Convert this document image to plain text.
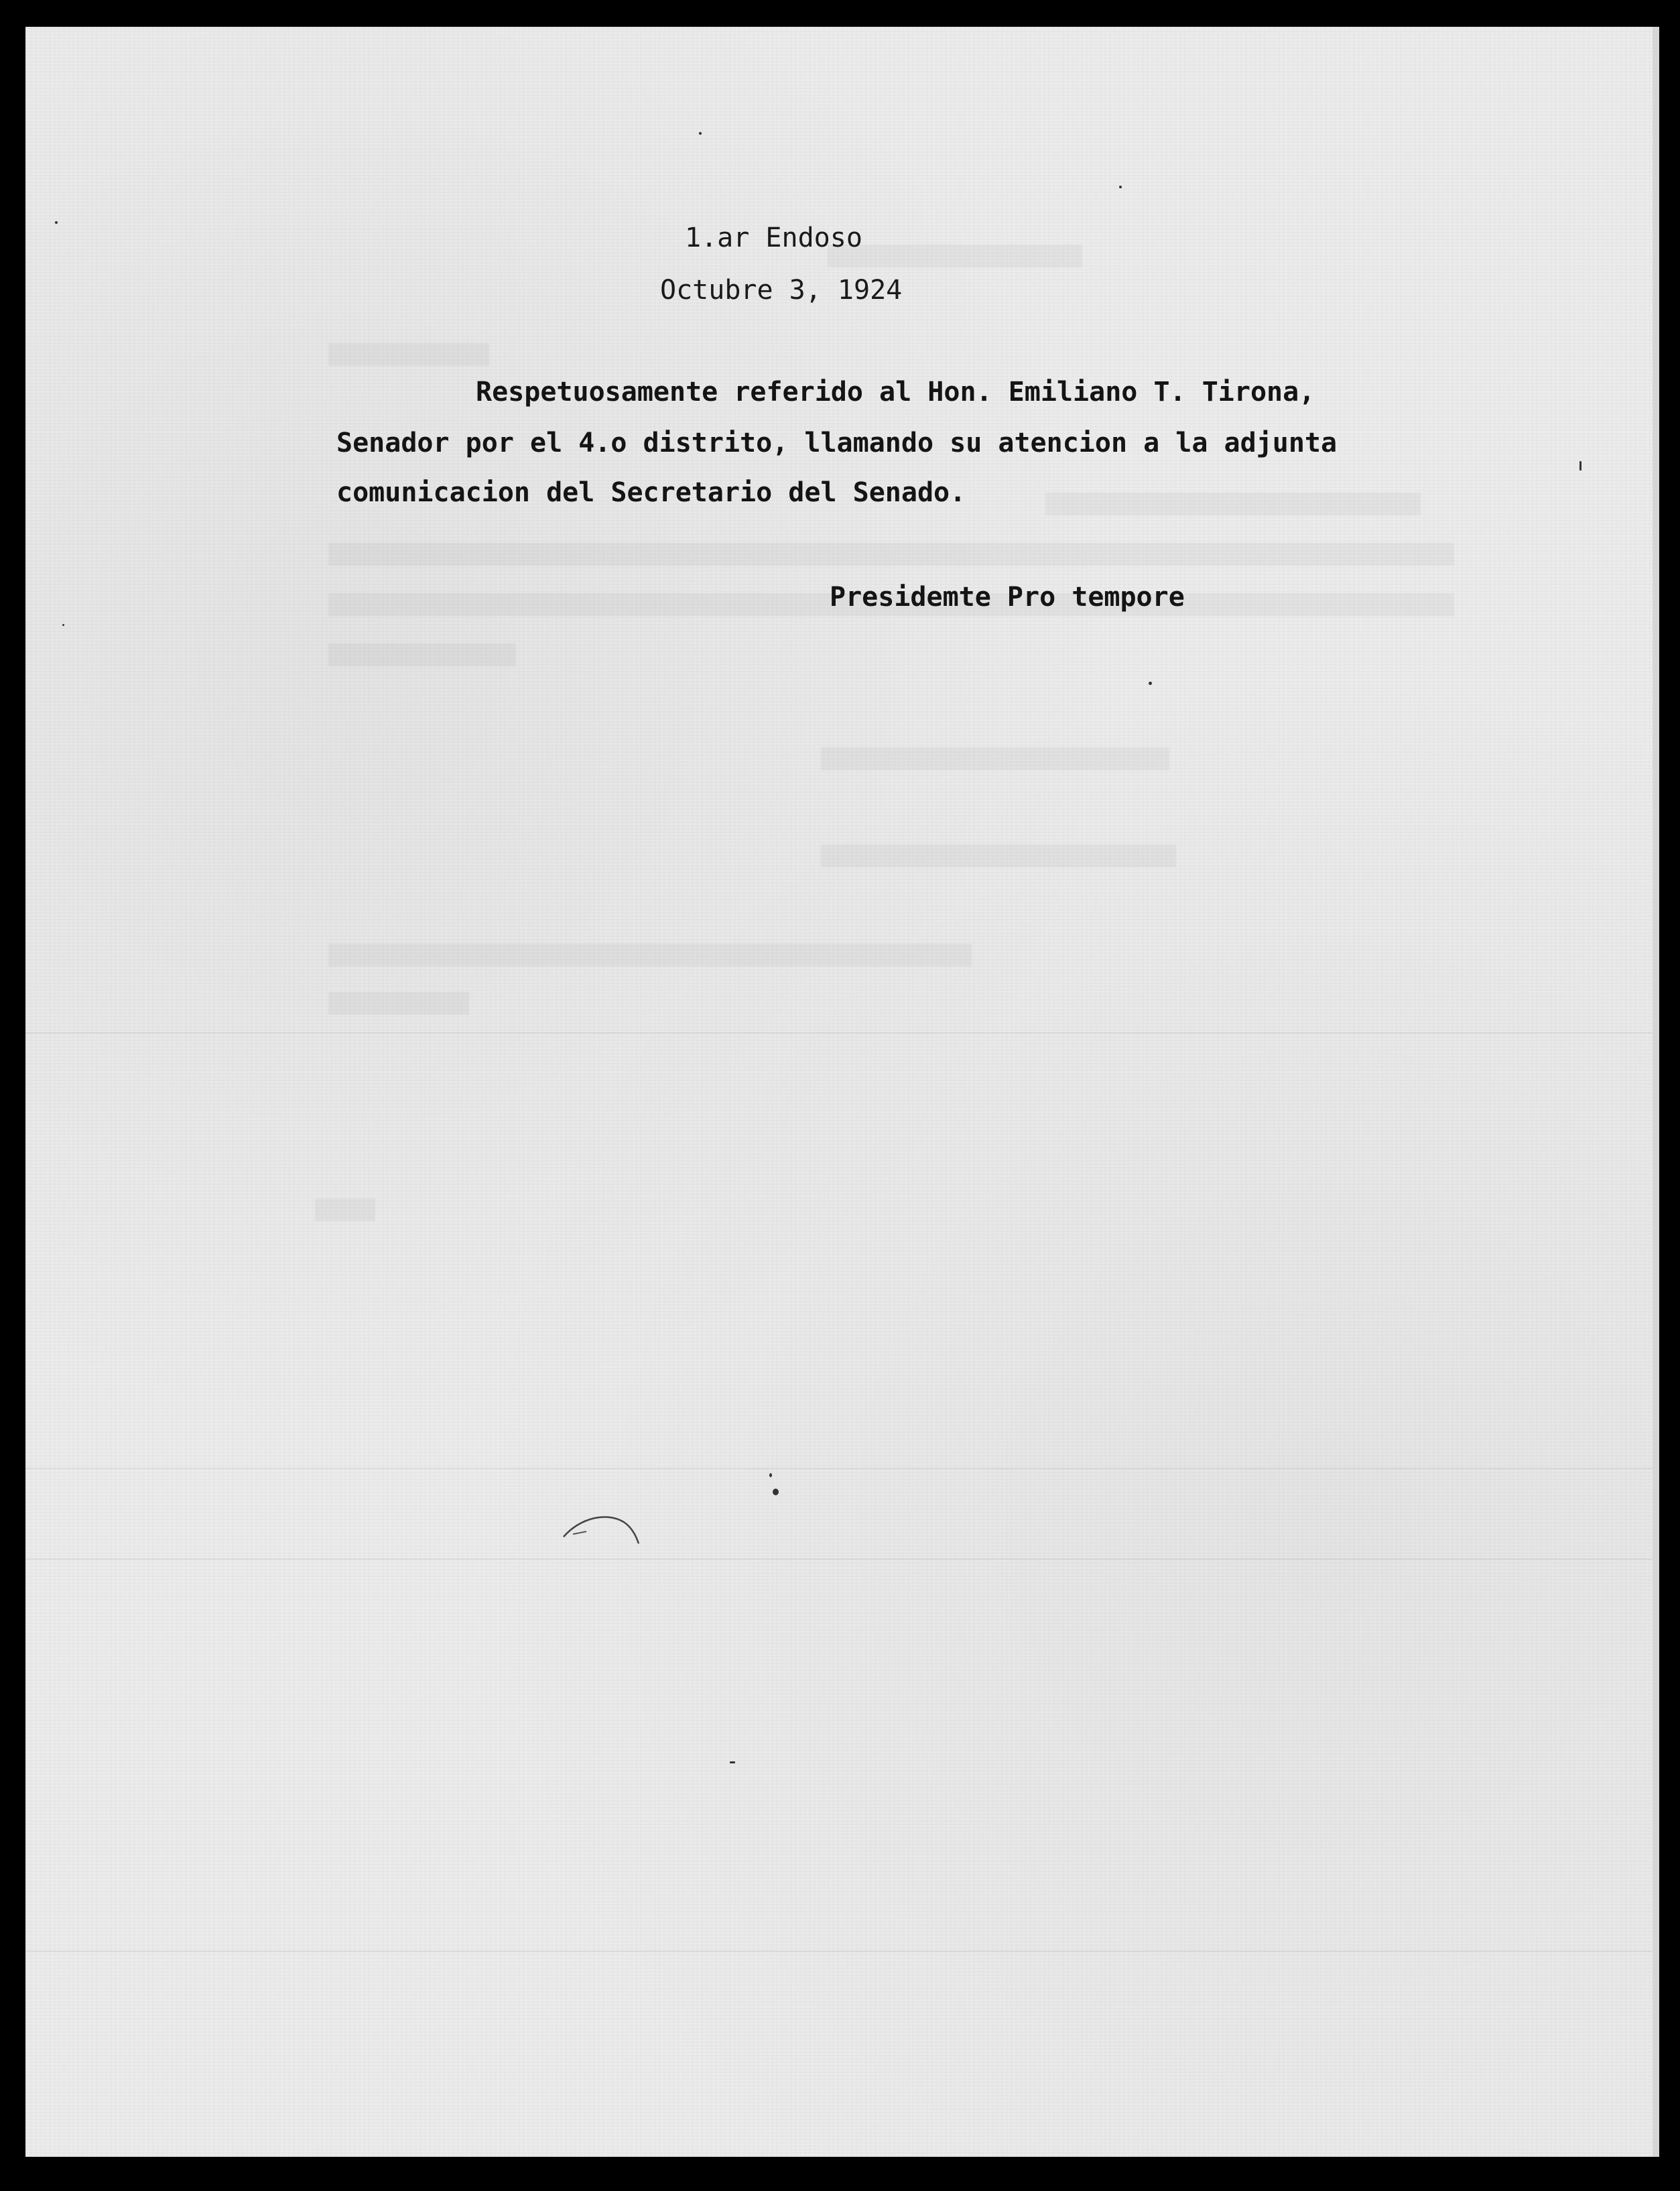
1.ar Endoso
Octubre 3, 1924
Respetuosamente referido al Hon. Emiliano T. Tirona,
Senador por el 4.o distrito, llamando su atencion a la adjunta
comunicacion del Secretario del Senado.
Presidemte Pro tempore
